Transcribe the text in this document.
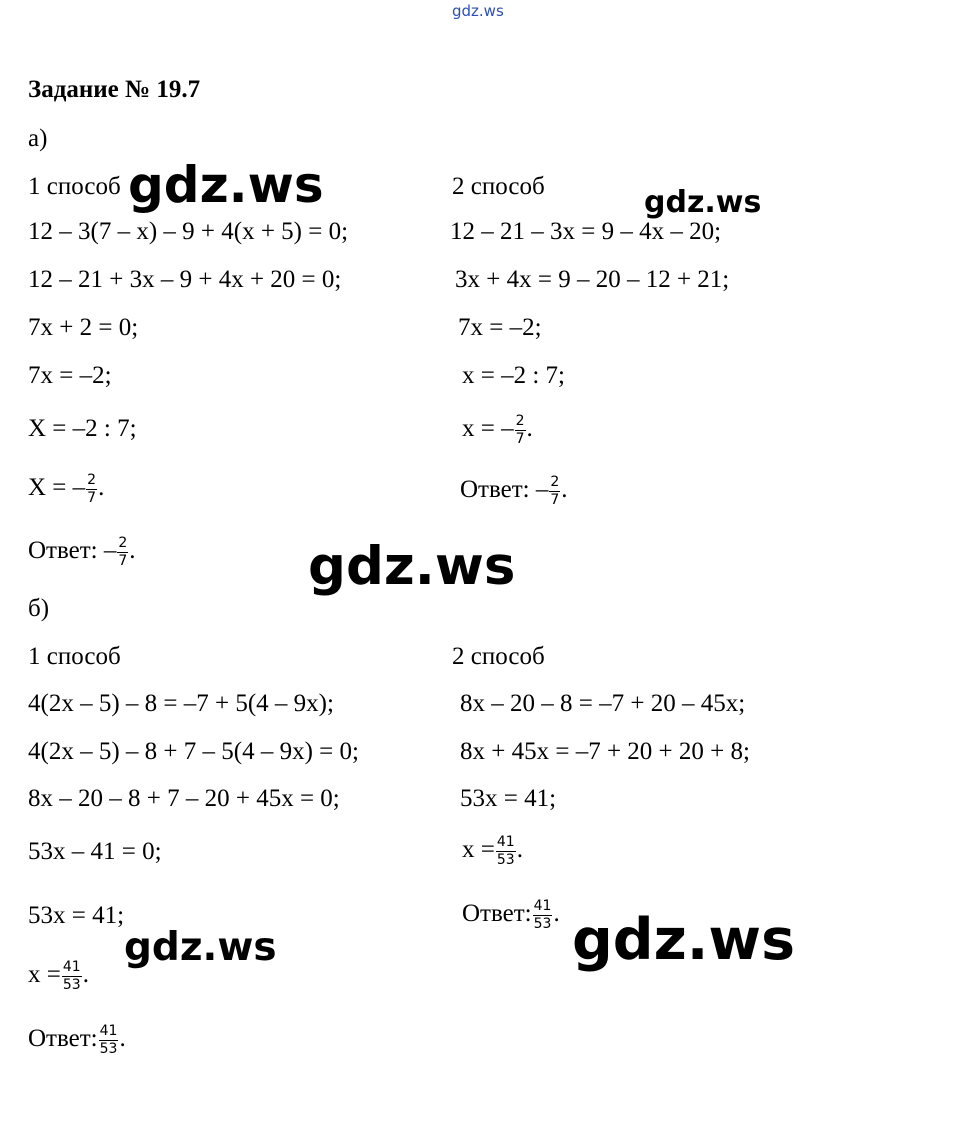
gdz.ws
Задание № 19.7
а)
1 способ
12 – 3(7 – x) – 9 + 4(x + 5) = 0;
12 – 21 + 3x – 9 + 4x + 20 = 0;
7x + 2 = 0;
7x = –2;
X = –2 : 7;
X = – $\frac{2}{7}$ .
Ответ: – $\frac{2}{7}$ .
2 способ
12 – 21 – 3x = 9 – 4x – 20;
3x + 4x = 9 – 20 – 12 + 21;
7x = –2;
x = –2 : 7;
x = – $\frac{2}{7}$ .
Ответ: – $\frac{2}{7}$ .
б)
1 способ
4(2x – 5) – 8 = –7 + 5(4 – 9x);
4(2x – 5) – 8 + 7 – 5(4 – 9x) = 0;
8x – 20 – 8 + 7 – 20 + 45x = 0;
53x – 41 = 0;
53x = 41;
$x = \frac{41}{53}$ .
Ответ: $\frac{41}{53}$ .
2 способ
8x – 20 – 8 = –7 + 20 – 45x;
8x + 45x = –7 + 20 + 20 + 8;
53x = 41;
$x = \frac{41}{53}$ .
Ответ: $\frac{41}{53}$ .
gdz.ws	gdz.ws
gdz.ws
gdz.ws	gdz.ws
